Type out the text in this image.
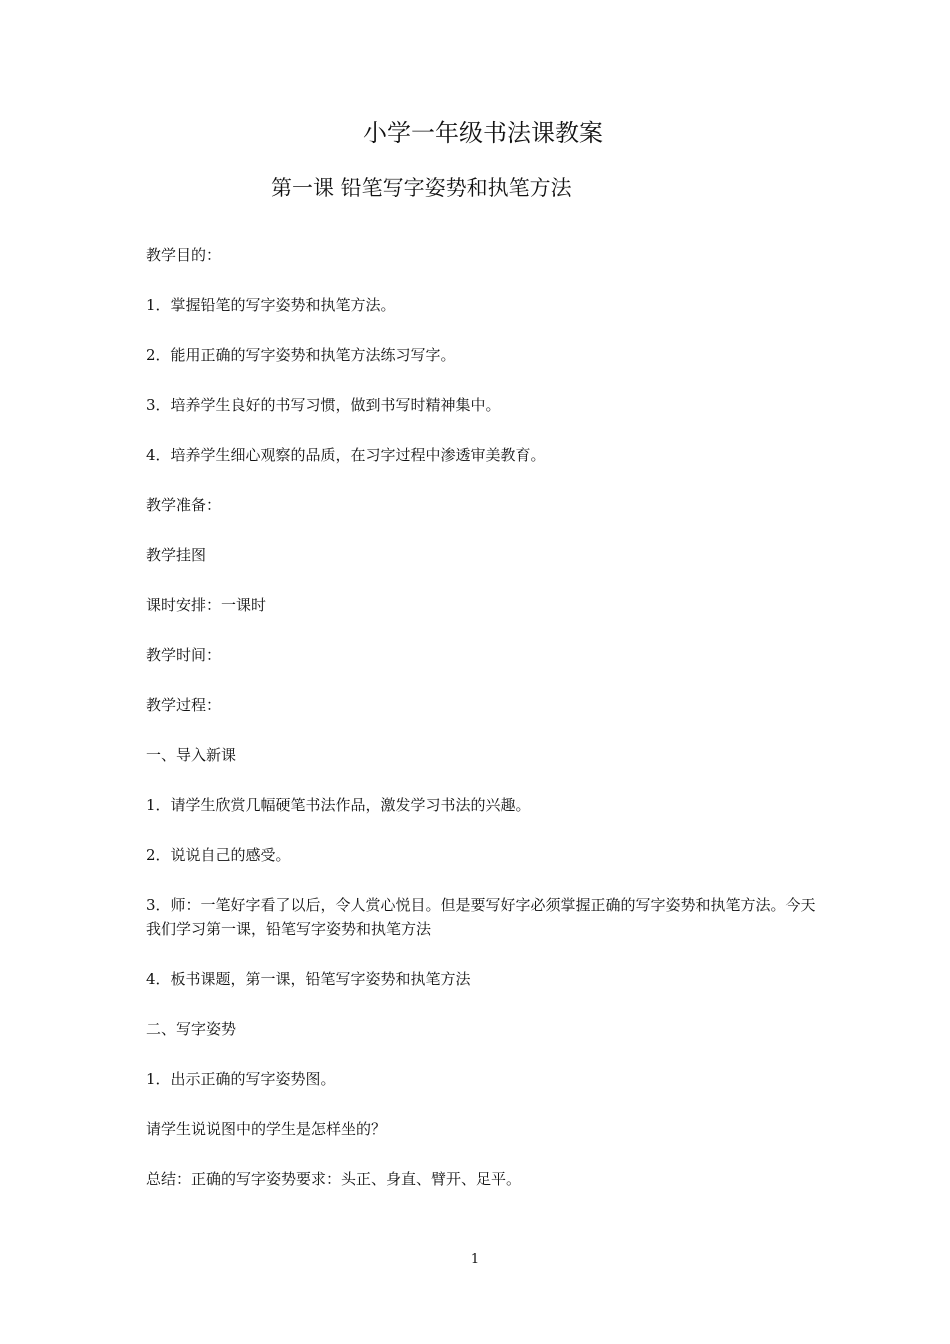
小学一年级书法课教案
第一课 铅笔写字姿势和执笔方法

教学目的：

1．掌握铅笔的写字姿势和执笔方法。

2．能用正确的写字姿势和执笔方法练习写字。

3．培养学生良好的书写习惯，做到书写时精神集中。

4．培养学生细心观察的品质，在习字过程中渗透审美教育。

教学准备：

教学挂图

课时安排：一课时

教学时间：

教学过程：

一、导入新课

1．请学生欣赏几幅硬笔书法作品，激发学习书法的兴趣。

2．说说自己的感受。

3．师：一笔好字看了以后，令人赏心悦目。但是要写好字必须掌握正确的写字姿势和执笔方法。今天我们学习第一课，铅笔写字姿势和执笔方法

4．板书课题，第一课，铅笔写字姿势和执笔方法

二、写字姿势

1．出示正确的写字姿势图。

请学生说说图中的学生是怎样坐的？

总结：正确的写字姿势要求：头正、身直、臂开、足平。

1
